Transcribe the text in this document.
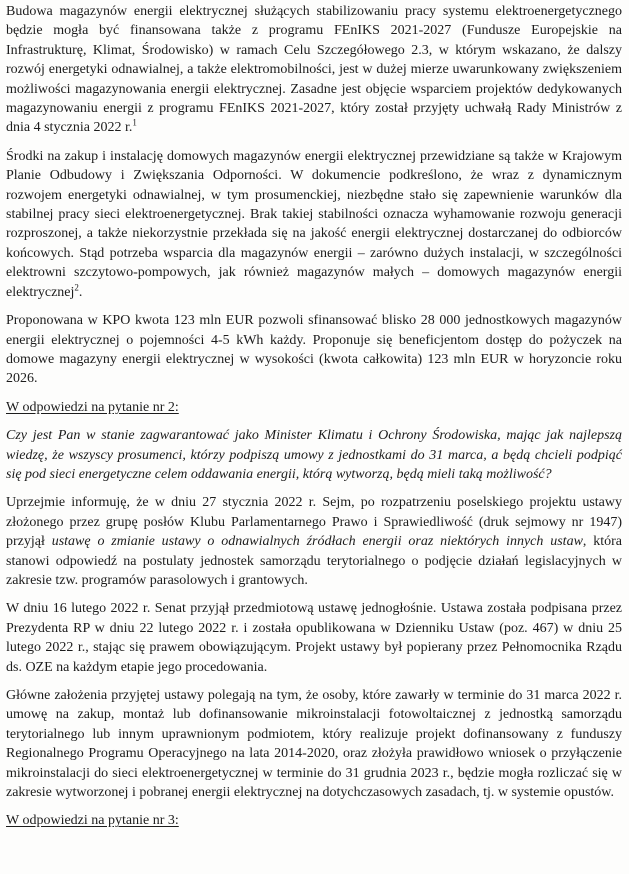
Budowa magazynów energii elektrycznej służących stabilizowaniu pracy systemu elektroenergetycznego będzie mogła być finansowana także z programu FEnIKS 2021-2027 (Fundusze Europejskie na Infrastrukturę, Klimat, Środowisko) w ramach Celu Szczegółowego 2.3, w którym wskazano, że dalszy rozwój energetyki odnawialnej, a także elektromobilności, jest w dużej mierze uwarunkowany zwiększeniem możliwości magazynowania energii elektrycznej. Zasadne jest objęcie wsparciem projektów dedykowanych magazynowaniu energii z programu FEnIKS 2021-2027, który został przyjęty uchwałą Rady Ministrów z dnia 4 stycznia 2022 r.$^1$

Środki na zakup i instalację domowych magazynów energii elektrycznej przewidziane są także w Krajowym Planie Odbudowy i Zwiększania Odporności. W dokumencie podkreślono, że wraz z dynamicznym rozwojem energetyki odnawialnej, w tym prosumenckiej, niezbędne stało się zapewnienie warunków dla stabilnej pracy sieci elektroenergetycznej. Brak takiej stabilności oznacza wyhamowanie rozwoju generacji rozproszonej, a także niekorzystnie przekłada się na jakość energii elektrycznej dostarczanej do odbiorców końcowych. Stąd potrzeba wsparcia dla magazynów energii – zarówno dużych instalacji, w szczególności elektrowni szczytowo-pompowych, jak również magazynów małych – domowych magazynów energii elektrycznej$^2$.

Proponowana w KPO kwota 123 mln EUR pozwoli sfinansować blisko 28 000 jednostkowych magazynów energii elektrycznej o pojemności 4-5 kWh każdy. Proponuje się beneficjentom dostęp do pożyczek na domowe magazyny energii elektrycznej w wysokości (kwota całkowita) 123 mln EUR w horyzoncie roku 2026.

W odpowiedzi na pytanie nr 2:

Czy jest Pan w stanie zagwarantować jako Minister Klimatu i Ochrony Środowiska, mając jak najlepszą wiedzę, że wszyscy prosumenci, którzy podpiszą umowy z jednostkami do 31 marca, a będą chcieli podpiąć się pod sieci energetyczne celem oddawania energii, którą wytworzą, będą mieli taką możliwość?

Uprzejmie informuję, że w dniu 27 stycznia 2022 r. Sejm, po rozpatrzeniu poselskiego projektu ustawy złożonego przez grupę posłów Klubu Parlamentarnego Prawo i Sprawiedliwość (druk sejmowy nr 1947) przyjął ustawę o zmianie ustawy o odnawialnych źródłach energii oraz niektórych innych ustaw, która stanowi odpowiedź na postulaty jednostek samorządu terytorialnego o podjęcie działań legislacyjnych w zakresie tzw. programów parasolowych i grantowych.

W dniu 16 lutego 2022 r. Senat przyjął przedmiotową ustawę jednogłośnie. Ustawa została podpisana przez Prezydenta RP w dniu 22 lutego 2022 r. i została opublikowana w Dzienniku Ustaw (poz. 467) w dniu 25 lutego 2022 r., stając się prawem obowiązującym. Projekt ustawy był popierany przez Pełnomocnika Rządu ds. OZE na każdym etapie jego procedowania.

Główne założenia przyjętej ustawy polegają na tym, że osoby, które zawarły w terminie do 31 marca 2022 r. umowę na zakup, montaż lub dofinansowanie mikroinstalacji fotowoltaicznej z jednostką samorządu terytorialnego lub innym uprawnionym podmiotem, który realizuje projekt dofinansowany z funduszy Regionalnego Programu Operacyjnego na lata 2014-2020, oraz złożyła prawidłowo wniosek o przyłączenie mikroinstalacji do sieci elektroenergetycznej w terminie do 31 grudnia 2023 r., będzie mogła rozliczać się w zakresie wytworzonej i pobranej energii elektrycznej na dotychczasowych zasadach, tj. w systemie opustów.

W odpowiedzi na pytanie nr 3:
